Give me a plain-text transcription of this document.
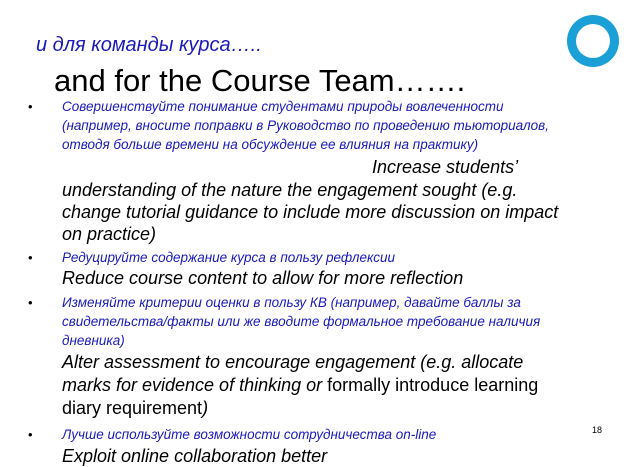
и для команды курса…..
and for the Course Team…….
• Совершенствуйте понимание студентами природы вовлеченности
(например, вносите поправки в Руководство по проведению тьюториалов,
отводя больше времени на обсуждение ее влияния на практику)
Increase students’
understanding of the nature the engagement sought (e.g.
change tutorial guidance to include more discussion on impact
on practice)
• Редуцируйте содержание курса в пользу рефлексии
Reduce course content to allow for more reflection
• Изменяйте критерии оценки в пользу КВ (например, давайте баллы за
свидетельства/факты или же вводите формальное требование наличия
дневника)
Alter assessment to encourage engagement (e.g. allocate
marks for evidence of thinking or formally introduce learning
diary requirement)
• Лучше используйте возможности сотрудничества on-line
Exploit online collaboration better
18
